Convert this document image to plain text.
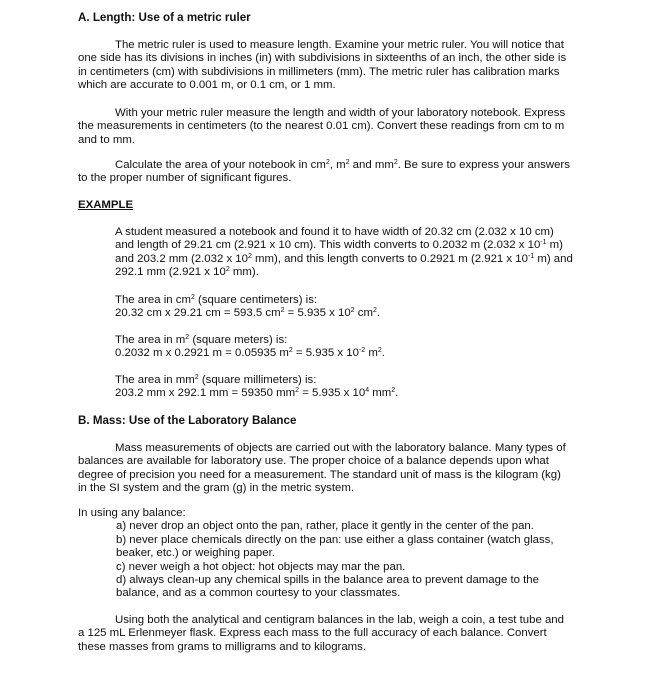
A. Length: Use of a metric ruler

The metric ruler is used to measure length. Examine your metric ruler. You will notice that one side has its divisions in inches (in) with subdivisions in sixteenths of an inch, the other side is in centimeters (cm) with subdivisions in millimeters (mm). The metric ruler has calibration marks which are accurate to 0.001 m, or 0.1 cm, or 1 mm.

With your metric ruler measure the length and width of your laboratory notebook. Express the measurements in centimeters (to the nearest 0.01 cm). Convert these readings from cm to m and to mm.

Calculate the area of your notebook in $cm^2$, $m^2$ and $mm^2$. Be sure to express your answers to the proper number of significant figures.

EXAMPLE

A student measured a notebook and found it to have width of 20.32 cm (2.032 x 10 cm) and length of 29.21 cm (2.921 x 10 cm). This width converts to 0.2032 m (2.032 x $10^{-1}$ m) and 203.2 mm (2.032 x $10^2$ mm), and this length converts to 0.2921 m (2.921 x $10^{-1}$ m) and 292.1 mm (2.921 x $10^2$ mm).

The area in $cm^2$ (square centimeters) is:

20.32 cm x 29.21 cm = 593.5 $cm^2 = 5.935$ x $10^2$ $cm^2$.

The area in $m^2$ (square meters) is:

0.2032 m x 0.2921 m = 0.05935 $m^2 = 5.935$ x $10^{-2}$ $m^2$.

The area in $mm^2$ (square millimeters) is:

203.2 mm x 292.1 mm = 59350 $mm^2 = 5.935$ x $10^4$ $mm^2$.

B. Mass: Use of the Laboratory Balance

Mass measurements of objects are carried out with the laboratory balance. Many types of balances are available for laboratory use. The proper choice of a balance depends upon what degree of precision you need for a measurement. The standard unit of mass is the kilogram (kg) in the SI system and the gram (g) in the metric system.

In using any balance:

a) never drop an object onto the pan, rather, place it gently in the center of the pan.

b) never place chemicals directly on the pan: use either a glass container (watch glass, beaker, etc.) or weighing paper.

c) never weigh a hot object: hot objects may mar the pan.

d) always clean-up any chemical spills in the balance area to prevent damage to the balance, and as a common courtesy to your classmates.

Using both the analytical and centigram balances in the lab, weigh a coin, a test tube and a 125 mL Erlenmeyer flask. Express each mass to the full accuracy of each balance. Convert these masses from grams to milligrams and to kilograms.
